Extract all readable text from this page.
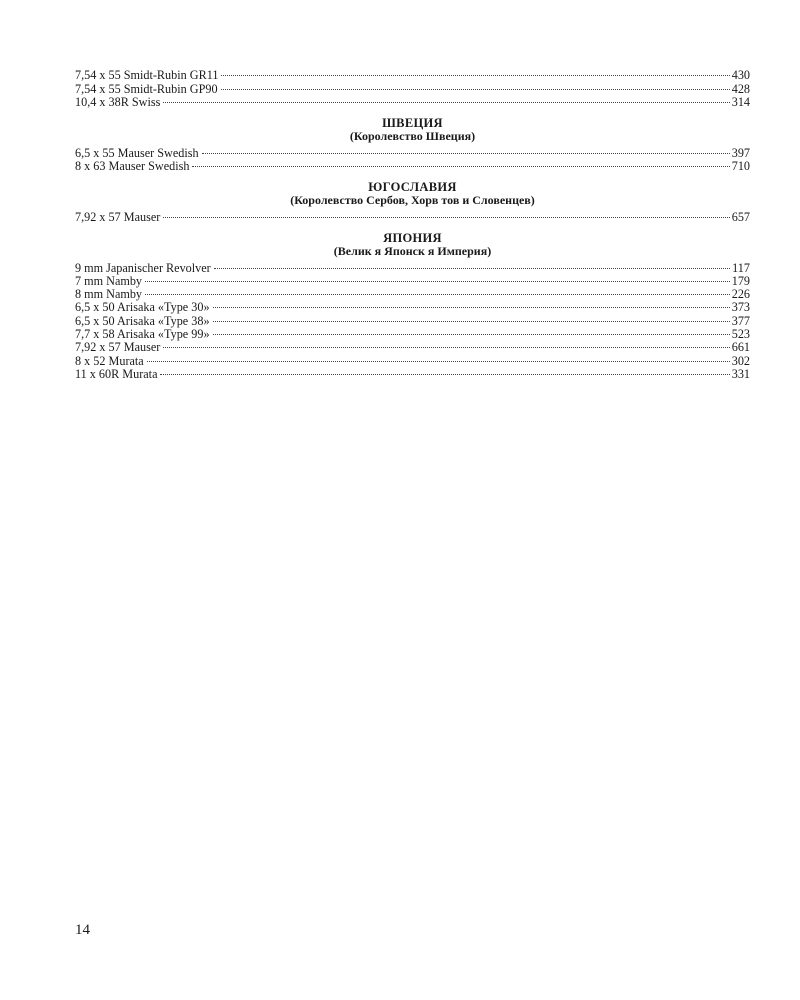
7,54 x 55 Smidt-Rubin GR11	430
7,54 x 55 Smidt-Rubin GP90	428
10,4 x 38R Swiss	314
ШВЕЦИЯ
(Королевство Швеция)
6,5 x 55 Mauser Swedish	397
8 x 63 Mauser Swedish	710
ЮГОСЛАВИЯ
(Королевство Сербов, Хорв тов и Словенцев)
7,92 x 57 Mauser	657
ЯПОНИЯ
(Велик я Японск я Империя)
9 mm Japanischer Revolver	117
7 mm Namby	179
8 mm Namby	226
6,5 x 50 Arisaka «Type 30»	373
6,5 x 50 Arisaka «Type 38»	377
7,7 x 58 Arisaka «Type 99»	523
7,92 x 57 Mauser	661
8 x 52 Murata	302
11 x 60R Murata	331
14
